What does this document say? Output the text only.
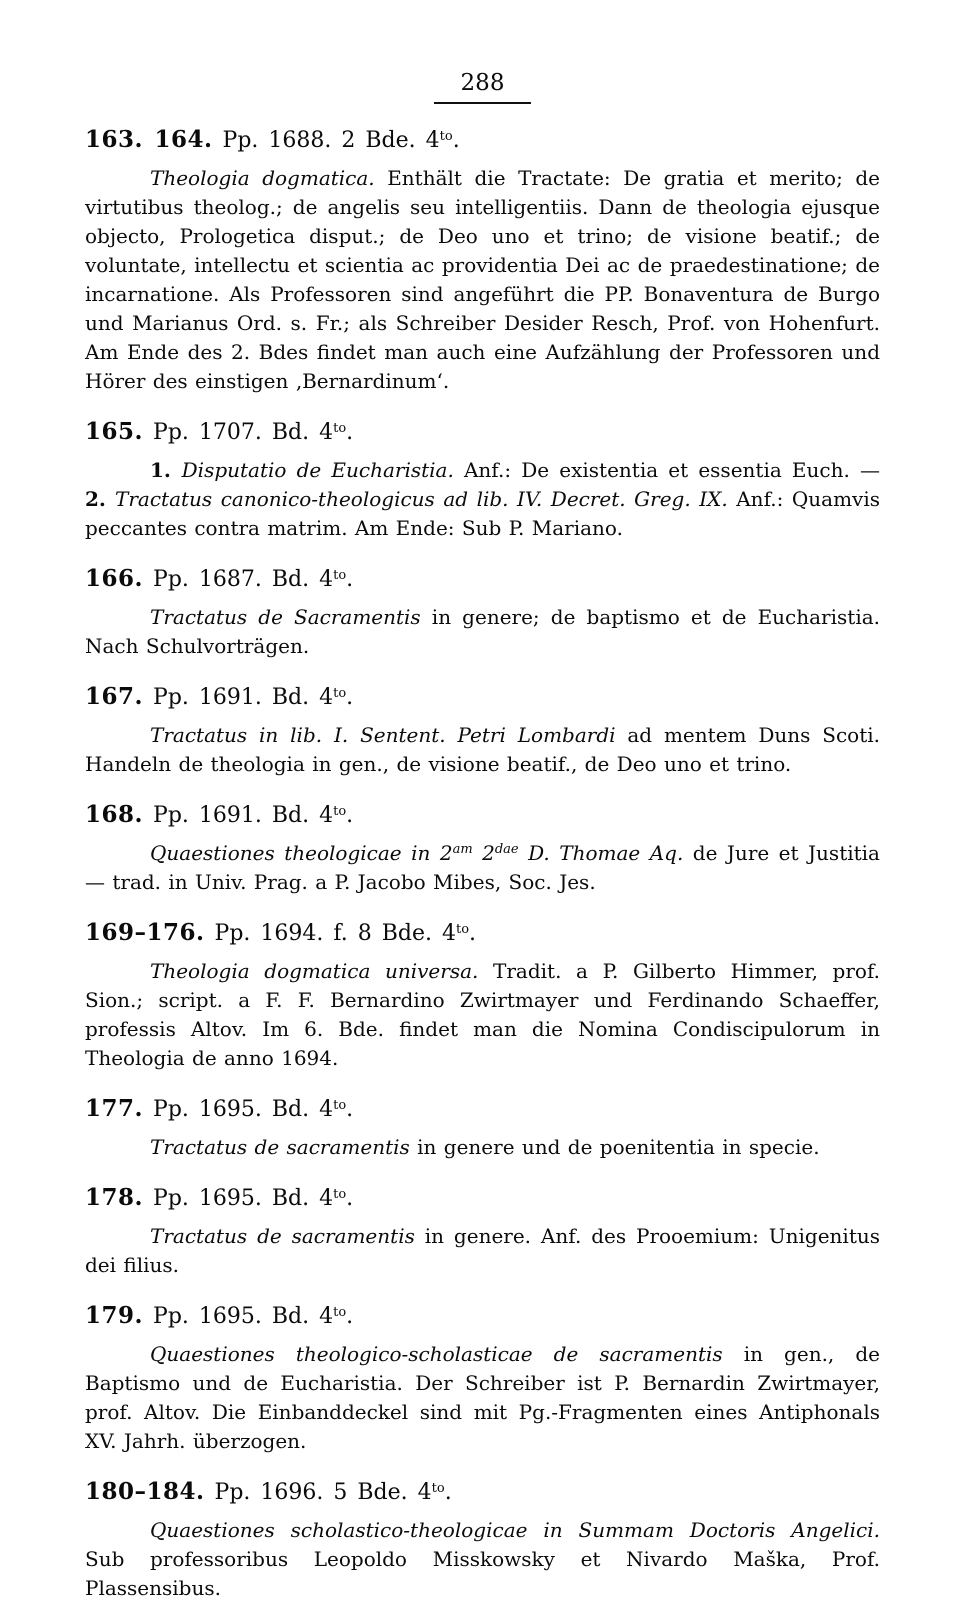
288
163. 164. Pp. 1688. 2 Bde. $4^{to}$.

Theologia dogmatica. Enthält die Tractate: De gratia et merito; de virtutibus theolog.; de angelis seu intelligentiis. Dann de theologia ejusque objecto, Prologetica disput.; de Deo uno et trino; de visione beatif.; de voluntate, intellectu et scientia ac providentia Dei ac de praedestinatione; de incarnatione. Als Professoren sind angeführt die PP. Bonaventura de Burgo und Marianus Ord. s. Fr.; als Schreiber Desider Resch, Prof. von Hohenfurt. Am Ende des 2. Bdes findet man auch eine Aufzählung der Professoren und Hörer des einstigen ‚Bernardinum‘.

165. Pp. 1707. Bd. $4^{to}$.

1. Disputatio de Eucharistia. Anf.: De existentia et essentia Euch. — 2. Tractatus canonico-theologicus ad lib. IV. Decret. Greg. IX. Anf.: Quamvis peccantes contra matrim. Am Ende: Sub P. Mariano.

166. Pp. 1687. Bd. $4^{to}$.

Tractatus de Sacramentis in genere; de baptismo et de Eucharistia. Nach Schulvorträgen.

167. Pp. 1691. Bd. $4^{to}$.

Tractatus in lib. I. Sentent. Petri Lombardi ad mentem Duns Scoti. Handeln de theologia in gen., de visione beatif., de Deo uno et trino.

168. Pp. 1691. Bd. $4^{to}$.

Quaestiones theologicae in $2^{am}$ $2^{dae}$ D. Thomae Aq. de Jure et Justitia — trad. in Univ. Prag. a P. Jacobo Mibes, Soc. Jes.

169–176. Pp. 1694. f. 8 Bde. $4^{to}$.

Theologia dogmatica universa. Tradit. a P. Gilberto Himmer, prof. Sion.; script. a F. F. Bernardino Zwirtmayer und Ferdinando Schaeffer, professis Altov. Im 6. Bde. findet man die Nomina Condiscipulorum in Theologia de anno 1694.

177. Pp. 1695. Bd. $4^{to}$.

Tractatus de sacramentis in genere und de poenitentia in specie.

178. Pp. 1695. Bd. $4^{to}$.

Tractatus de sacramentis in genere. Anf. des Prooemium: Unigenitus dei filius.

179. Pp. 1695. Bd. $4^{to}$.

Quaestiones theologico-scholasticae de sacramentis in gen., de Baptismo und de Eucharistia. Der Schreiber ist P. Bernardin Zwirtmayer, prof. Altov. Die Einbanddeckel sind mit Pg.-Fragmenten eines Antiphonals XV. Jahrh. überzogen.

180–184. Pp. 1696. 5 Bde. $4^{to}$.

Quaestiones scholastico-theologicae in Summam Doctoris Angelici. Sub professoribus Leopoldo Misskowsky et Nivardo Maška, Prof. Plassensibus.
